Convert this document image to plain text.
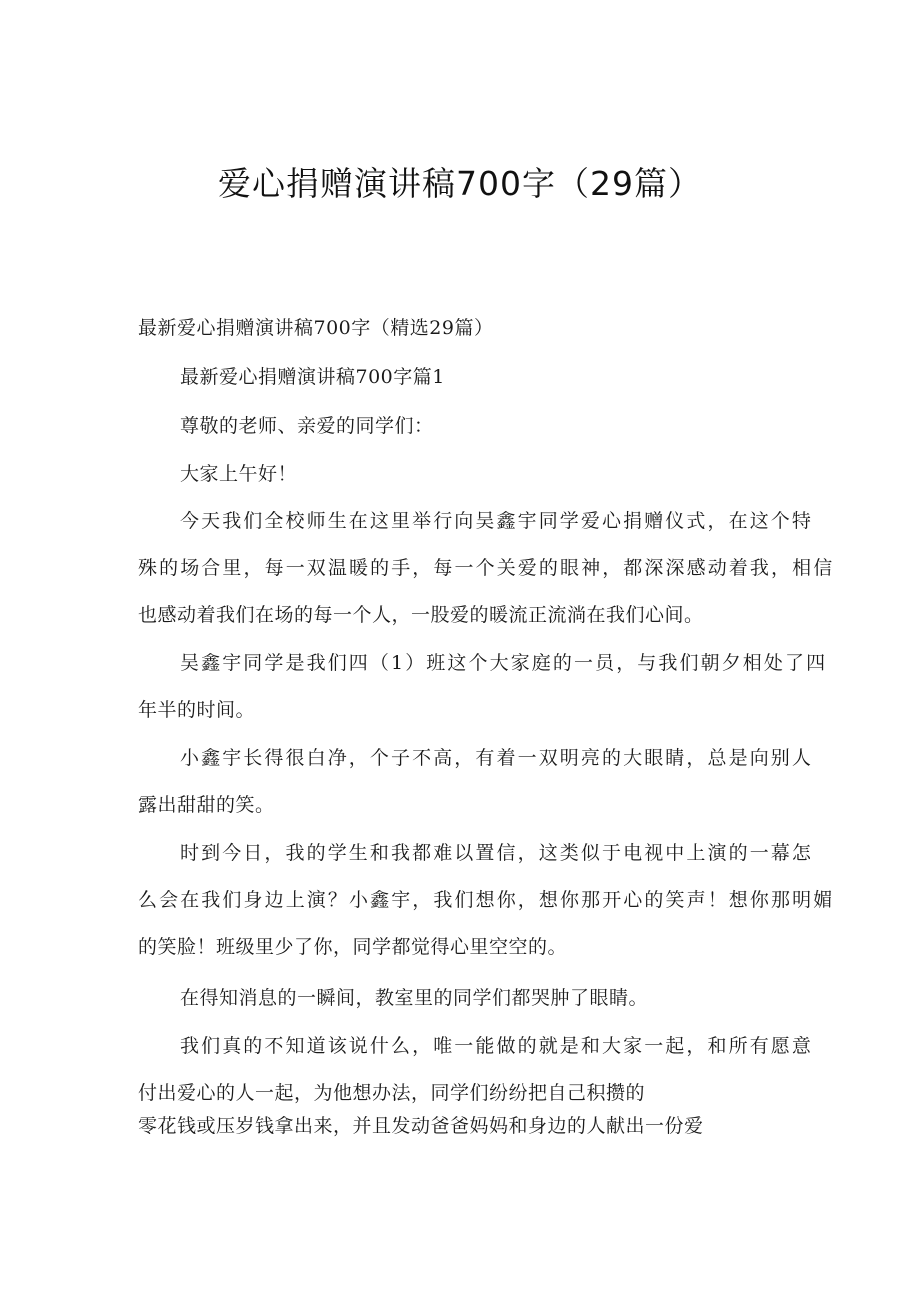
爱心捐赠演讲稿700字（29篇）

最新爱心捐赠演讲稿700字（精选29篇）

最新爱心捐赠演讲稿700字篇1

尊敬的老师、亲爱的同学们：

大家上午好！

今天我们全校师生在这里举行向吴鑫宇同学爱心捐赠仪式，在这个特

殊的场合里，每一双温暖的手，每一个关爱的眼神，都深深感动着我，相信

也感动着我们在场的每一个人，一股爱的暖流正流淌在我们心间。

吴鑫宇同学是我们四（1）班这个大家庭的一员，与我们朝夕相处了四

年半的时间。

小鑫宇长得很白净，个子不高，有着一双明亮的大眼睛，总是向别人

露出甜甜的笑。

时到今日，我的学生和我都难以置信，这类似于电视中上演的一幕怎

么会在我们身边上演？小鑫宇，我们想你，想你那开心的笑声！想你那明媚

的笑脸！班级里少了你，同学都觉得心里空空的。

在得知消息的一瞬间，教室里的同学们都哭肿了眼睛。

我们真的不知道该说什么，唯一能做的就是和大家一起，和所有愿意

付出爱心的人一起，为他想办法，同学们纷纷把自己积攒的

零花钱或压岁钱拿出来，并且发动爸爸妈妈和身边的人献出一份爱
